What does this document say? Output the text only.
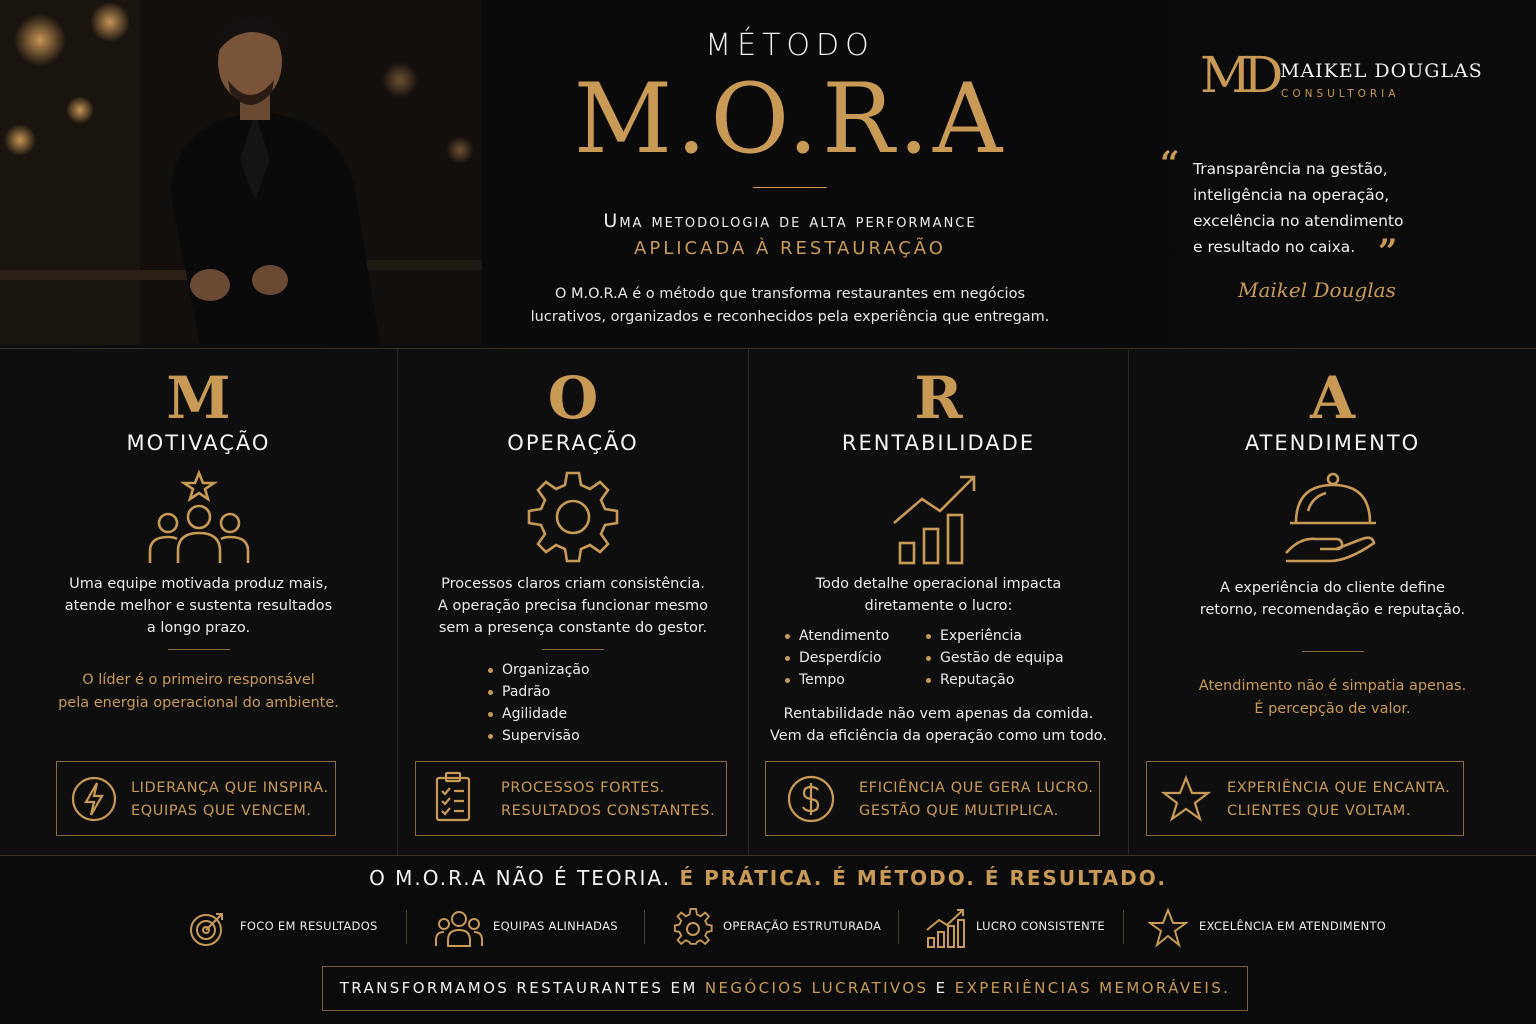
MÉTODO
M.O.R.A
Uma metodologia de alta performance
APLICADA À RESTAURAÇÃO
O M.O.R.A é o método que transforma restaurantes em negócios
lucrativos, organizados e reconhecidos pela experiência que entregam.
MD MAIKEL DOUGLAS
CONSULTORIA
“ Transparência na gestão,
inteligência na operação,
excelência no atendimento
e resultado no caixa. ”
Maikel Douglas
M
MOTIVAÇÃO
Uma equipe motivada produz mais,
atende melhor e sustenta resultados
a longo prazo.
O líder é o primeiro responsável
pela energia operacional do ambiente.
LIDERANÇA QUE INSPIRA.
EQUIPAS QUE VENCEM.
O
OPERAÇÃO
Processos claros criam consistência.
A operação precisa funcionar mesmo
sem a presença constante do gestor.
Organização
Padrão
Agilidade
Supervisão
PROCESSOS FORTES.
RESULTADOS CONSTANTES.
R
RENTABILIDADE
Todo detalhe operacional impacta
diretamente o lucro:
Atendimento
Desperdício
Tempo
Experiência
Gestão de equipa
Reputação
Rentabilidade não vem apenas da comida.
Vem da eficiência da operação como um todo.
EFICIÊNCIA QUE GERA LUCRO.
GESTÃO QUE MULTIPLICA.
A
ATENDIMENTO
A experiência do cliente define
retorno, recomendação e reputação.
Atendimento não é simpatia apenas.
É percepção de valor.
EXPERIÊNCIA QUE ENCANTA.
CLIENTES QUE VOLTAM.
O M.O.R.A NÃO É TEORIA. É PRÁTICA. É MÉTODO. É RESULTADO.
FOCO EM RESULTADOS	EQUIPAS ALINHADAS	OPERAÇÃO ESTRUTURADA	LUCRO CONSISTENTE	EXCELÊNCIA EM ATENDIMENTO
TRANSFORMAMOS RESTAURANTES EM NEGÓCIOS LUCRATIVOS E EXPERIÊNCIAS MEMORÁVEIS.
